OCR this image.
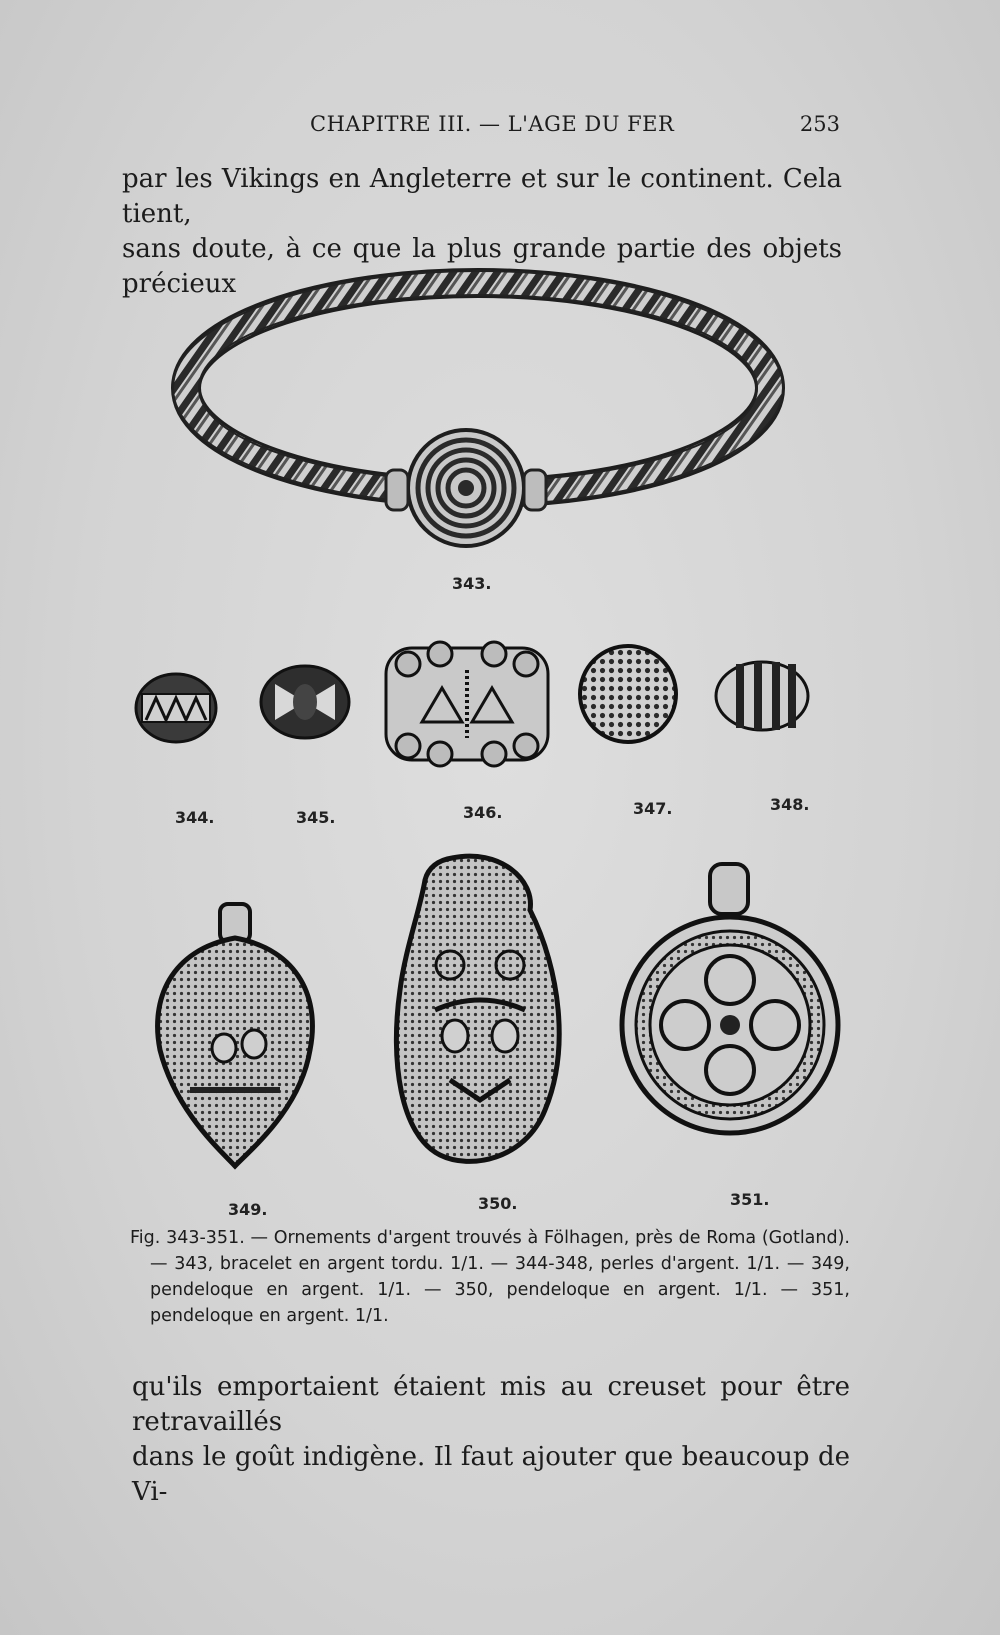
CHAPITRE III. — L'AGE DU FER	253
par les Vikings en Angleterre et sur le continent. Cela tient,
sans doute, à ce que la plus grande partie des objets précieux
343.
344.	345.	346.	347.	348.
349.	350.	351.
Fig. 343-351. — Ornements d'argent trouvés à Fölhagen, près de Roma (Gotland). — 343, bracelet en argent tordu. 1/1. — 344-348, perles d'argent. 1/1. — 349, pendeloque en argent. 1/1. — 350, pendeloque en argent. 1/1. — 351, pendeloque en argent. 1/1.
qu'ils emportaient étaient mis au creuset pour être retravaillés
dans le goût indigène. Il faut ajouter que beaucoup de Vi-
